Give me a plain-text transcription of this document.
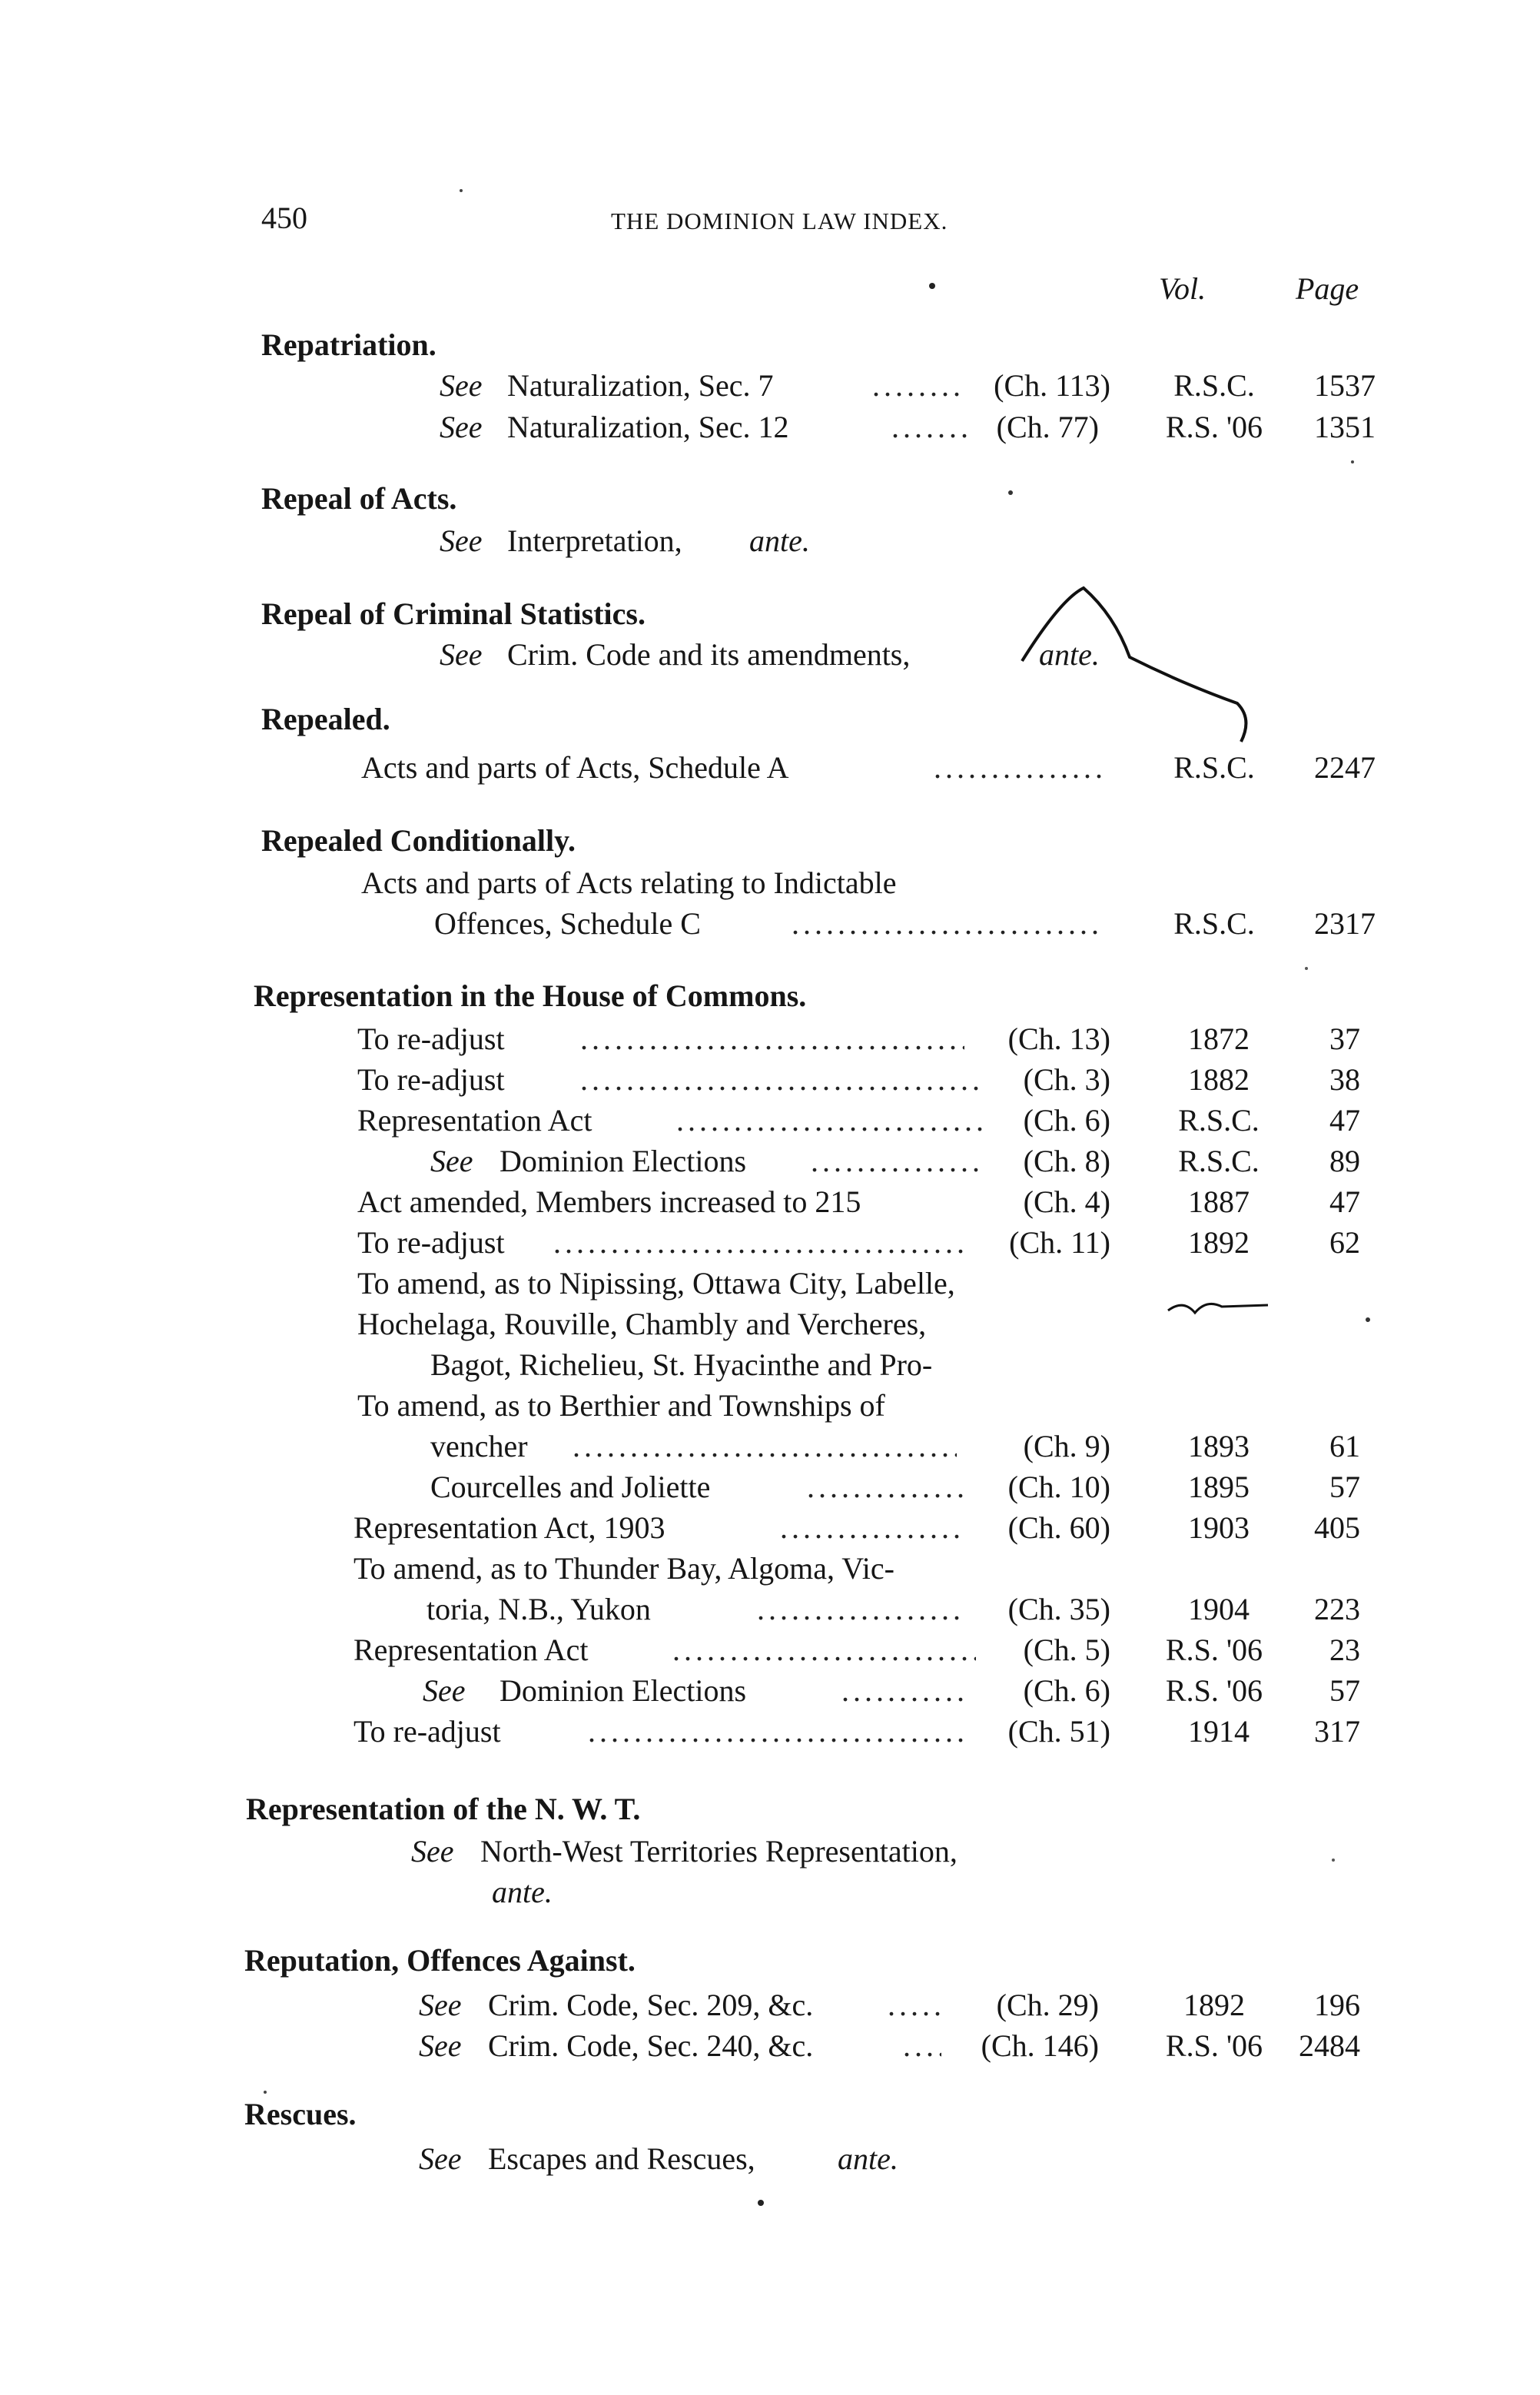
450	THE DOMINION LAW INDEX.
Vol.	Page
Repatriation.
See Naturalization, Sec. 7 .....	(Ch. 113)	R.S.C.	1537
See Naturalization, Sec. 12 .....	(Ch. 77)	R.S. '06	1351
Repeal of Acts.
See Interpretation, ante.
Repeal of Criminal Statistics.
See Crim. Code and its amendments,	ante.
Repealed.
Acts and parts of Acts, Schedule A .....	R.S.C.	2247
Repealed Conditionally.
Acts and parts of Acts relating to Indictable
Offences, Schedule C .....	R.S.C.	2317
Representation in the House of Commons.
To re-adjust .....	(Ch. 13)	1872	37
To re-adjust .....	(Ch. 3)	1882	38
Representation Act .....	(Ch. 6)	R.S.C.	47
See Dominion Elections .....	(Ch. 8)	R.S.C.	89
Act amended, Members increased to 215	(Ch. 4)	1887	47
To re-adjust .....	(Ch. 11)	1892	62
To amend, as to Nipissing, Ottawa City, Labelle,
Hochelaga, Rouville, Chambly and Vercheres,
Bagot, Richelieu, St. Hyacinthe and Pro-
To amend, as to Berthier and Townships of
vencher .....	(Ch. 9)	1893	61
Courcelles and Joliette .....	(Ch. 10)	1895	57
Representation Act, 1903 .....	(Ch. 60)	1903	405
To amend, as to Thunder Bay, Algoma, Vic-
toria, N.B., Yukon .....	(Ch. 35)	1904	223
Representation Act .....	(Ch. 5)	R.S. '06	23
See Dominion Elections .....	(Ch. 6)	R.S. '06	57
To re-adjust .....	(Ch. 51)	1914	317
Representation of the N. W. T.
See North-West Territories Representation,
ante.
Reputation, Offences Against.
See Crim. Code, Sec. 209, &c. .....	(Ch. 29)	1892	196
See Crim. Code, Sec. 240, &c. .....	(Ch. 146)	R.S. '06	2484
Rescues.
See Escapes and Rescues,	ante.
